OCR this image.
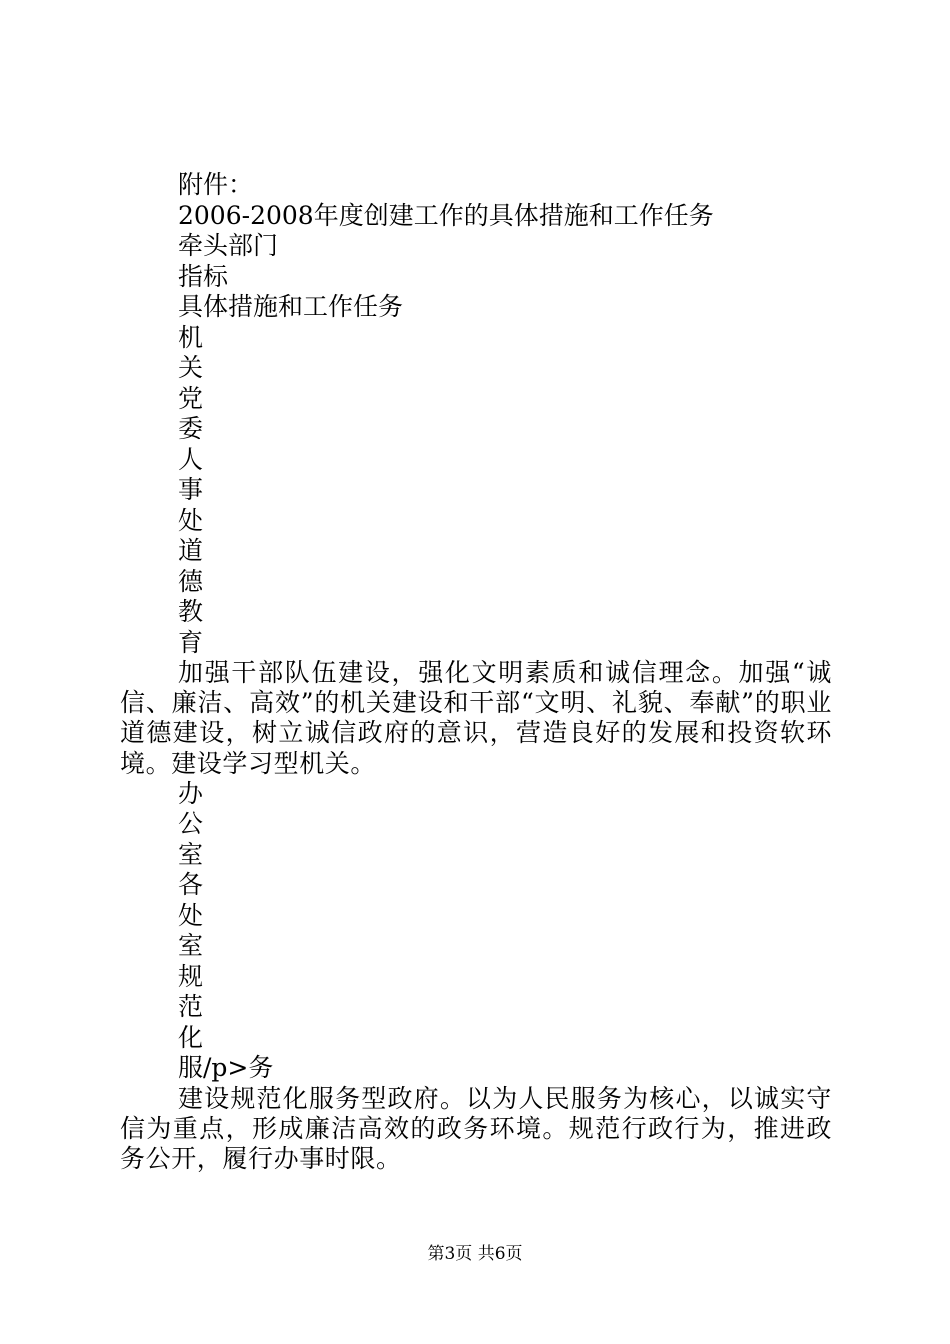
附件：
2006-2008年度创建工作的具体措施和工作任务
牵头部门
指标
具体措施和工作任务
机
关
党
委
人
事
处
道
德
教
育
加强干部队伍建设，强化文明素质和诚信理念。加强“诚信、廉洁、高效”的机关建设和干部“文明、礼貌、奉献”的职业道德建设，树立诚信政府的意识，营造良好的发展和投资软环境。建设学习型机关。
办
公
室
各
处
室
规
范
化
服/p>务
建设规范化服务型政府。以为人民服务为核心，以诚实守信为重点，形成廉洁高效的政务环境。规范行政行为，推进政务公开，履行办事时限。
第3页 共6页
